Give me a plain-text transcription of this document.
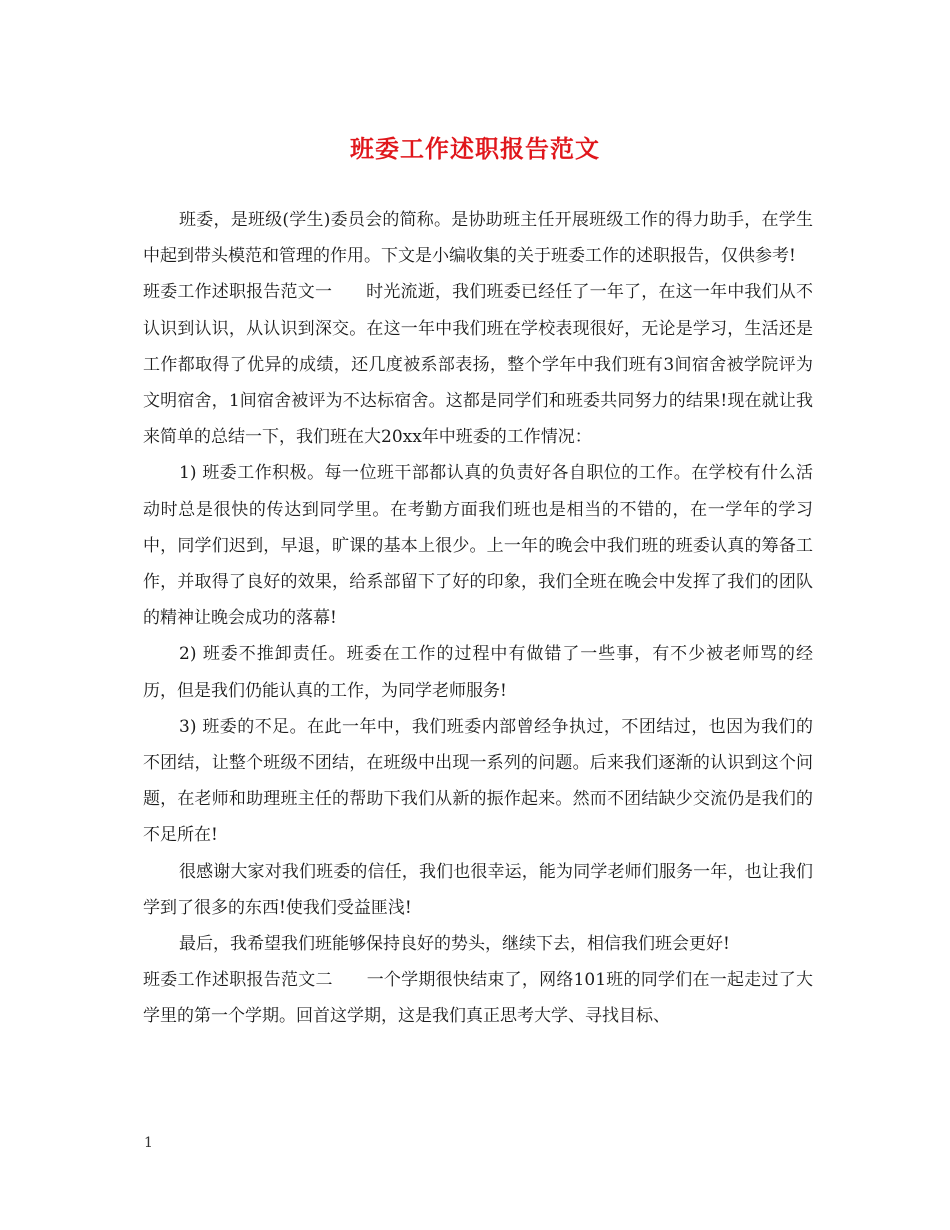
班委工作述职报告范文

班委，是班级(学生)委员会的简称。是协助班主任开展班级工作的得力助手，在学生中起到带头模范和管理的作用。下文是小编收集的关于班委工作的述职报告，仅供参考!

班委工作述职报告范文一 时光流逝，我们班委已经任了一年了，在这一年中我们从不认识到认识，从认识到深交。在这一年中我们班在学校表现很好，无论是学习，生活还是工作都取得了优异的成绩，还几度被系部表扬，整个学年中我们班有3间宿舍被学院评为文明宿舍，1间宿舍被评为不达标宿舍。这都是同学们和班委共同努力的结果!现在就让我来简单的总结一下，我们班在大20xx年中班委的工作情况：

1) 班委工作积极。每一位班干部都认真的负责好各自职位的工作。在学校有什么活动时总是很快的传达到同学里。在考勤方面我们班也是相当的不错的，在一学年的学习中，同学们迟到，早退，旷课的基本上很少。上一年的晚会中我们班的班委认真的筹备工作，并取得了良好的效果，给系部留下了好的印象，我们全班在晚会中发挥了我们的团队的精神让晚会成功的落幕!

2) 班委不推卸责任。班委在工作的过程中有做错了一些事，有不少被老师骂的经历，但是我们仍能认真的工作，为同学老师服务!

3) 班委的不足。在此一年中，我们班委内部曾经争执过，不团结过，也因为我们的不团结，让整个班级不团结，在班级中出现一系列的问题。后来我们逐渐的认识到这个问题，在老师和助理班主任的帮助下我们从新的振作起来。然而不团结缺少交流仍是我们的不足所在!

很感谢大家对我们班委的信任，我们也很幸运，能为同学老师们服务一年，也让我们学到了很多的东西!使我们受益匪浅!

最后，我希望我们班能够保持良好的势头，继续下去，相信我们班会更好!

班委工作述职报告范文二 一个学期很快结束了，网络101班的同学们在一起走过了大学里的第一个学期。回首这学期，这是我们真正思考大学、寻找目标、

1
